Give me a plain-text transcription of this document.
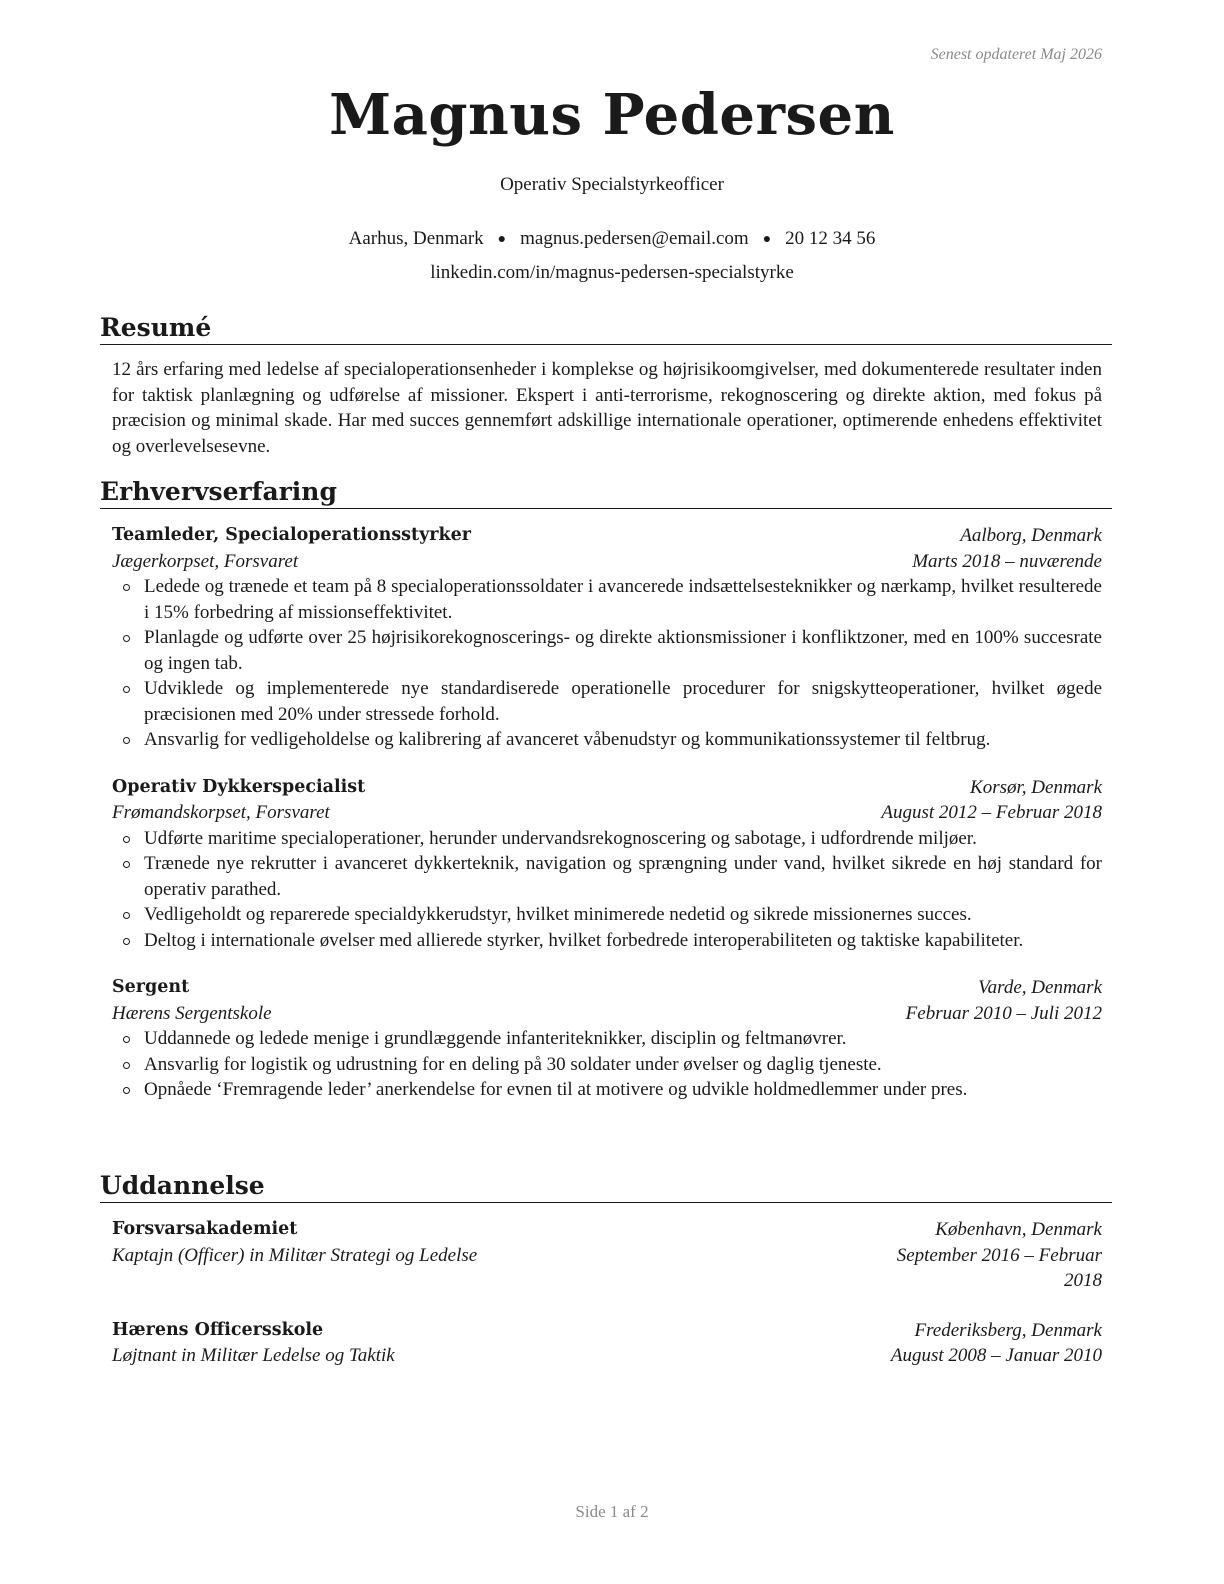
Senest opdateret Maj 2026
Magnus Pedersen
Operativ Specialstyrkeofficer
Aarhus, Denmark ● magnus.pedersen@email.com ● 20 12 34 56
linkedin.com/in/magnus-pedersen-specialstyrke
Resumé
12 års erfaring med ledelse af specialoperationsenheder i komplekse og højrisikoomgivelser, med dokumenterede resultater inden for taktisk planlægning og udførelse af missioner. Ekspert i anti-terrorisme, rekognoscering og direkte aktion, med fokus på præcision og minimal skade. Har med succes gennemført adskillige internationale operationer, optimerende enhedens effektivitet og overlevelsesevne.
Erhvervserfaring
Teamleder, Specialoperationsstyrker	Aalborg, Denmark
Jægerkorpset, Forsvaret	Marts 2018 – nuværende
Ledede og trænede et team på 8 specialoperationssoldater i avancerede indsættelsesteknikker og nærkamp, hvilket resulterede i 15% forbedring af missionseffektivitet.
Planlagde og udførte over 25 højrisikorekognoscerings- og direkte aktionsmissioner i konfliktzoner, med en 100% succesrate og ingen tab.
Udviklede og implementerede nye standardiserede operationelle procedurer for snigskytteoperationer, hvilket øgede præcisionen med 20% under stressede forhold.
Ansvarlig for vedligeholdelse og kalibrering af avanceret våbenudstyr og kommunikationssystemer til feltbrug.
Operativ Dykkerspecialist	Korsør, Denmark
Frømandskorpset, Forsvaret	August 2012 – Februar 2018
Udførte maritime specialoperationer, herunder undervandsrekognoscering og sabotage, i udfordrende miljøer.
Trænede nye rekrutter i avanceret dykkerteknik, navigation og sprængning under vand, hvilket sikrede en høj standard for operativ parathed.
Vedligeholdt og reparerede specialdykkerudstyr, hvilket minimerede nedetid og sikrede missionernes succes.
Deltog i internationale øvelser med allierede styrker, hvilket forbedrede interoperabiliteten og taktiske kapabiliteter.
Sergent	Varde, Denmark
Hærens Sergentskole	Februar 2010 – Juli 2012
Uddannede og ledede menige i grundlæggende infanteriteknikker, disciplin og feltmanøvrer.
Ansvarlig for logistik og udrustning for en deling på 30 soldater under øvelser og daglig tjeneste.
Opnåede ‘Fremragende leder’ anerkendelse for evnen til at motivere og udvikle holdmedlemmer under pres.
Uddannelse
Forsvarsakademiet	København, Denmark
Kaptajn (Officer) in Militær Strategi og Ledelse	September 2016 – Februar 2018
Hærens Officersskole	Frederiksberg, Denmark
Løjtnant in Militær Ledelse og Taktik	August 2008 – Januar 2010
Side 1 af 2
